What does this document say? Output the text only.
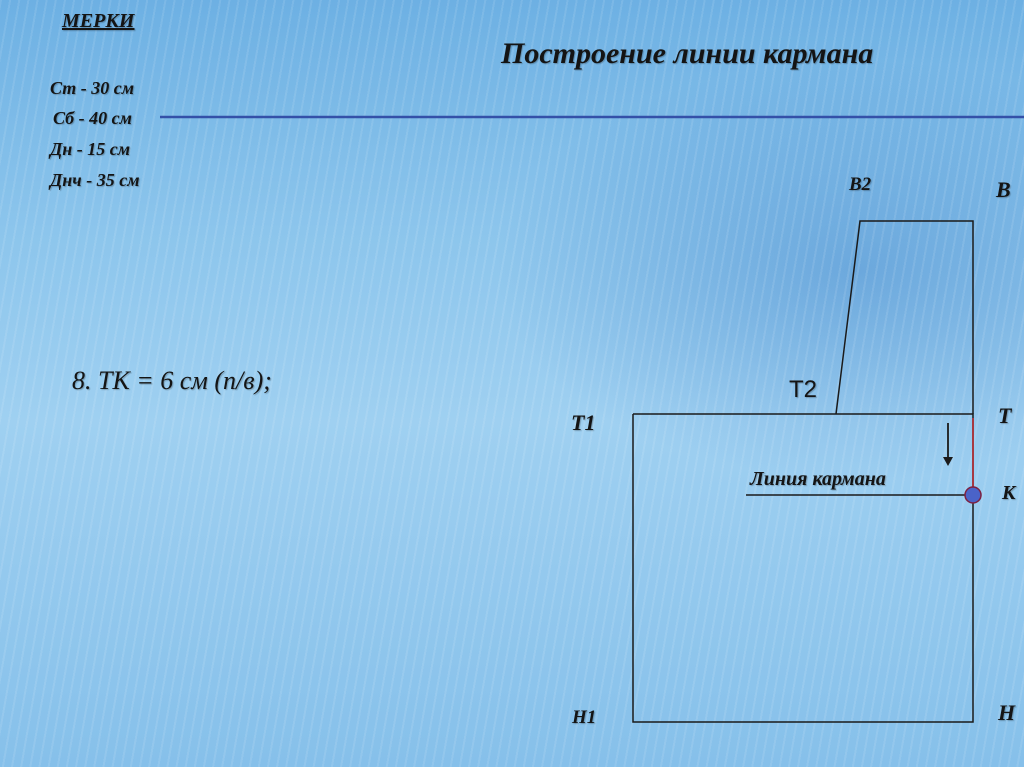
МЕРКИ
Ст - 30 см
Сб - 40 см
Дн - 15 см
Днч - 35 см
Построение линии кармана
8. ТК = 6 см (п/в);
В2	В
Т2
Т1	Т
Линия кармана
К
Н1	Н
